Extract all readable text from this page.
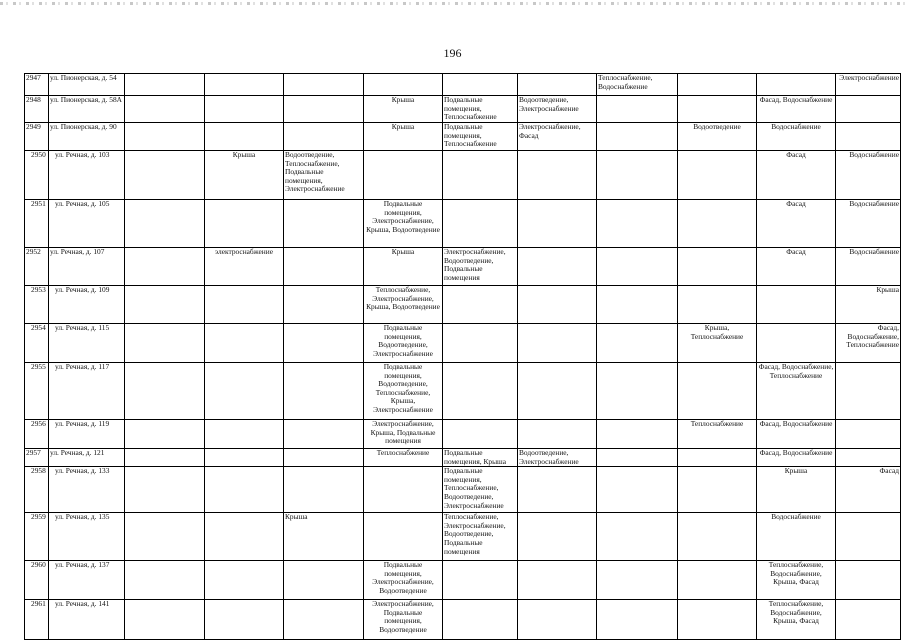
196
2947	ул. Пионерская, д. 54							Теплоснабжение, Водоснабжение			Электроснабжение
2948	ул. Пионерская, д. 58А				Крыша	Подвальные помещения, Теплоснабжение	Водоотведение, Электроснабжение			Фасад, Водоснабжение	
2949	ул. Пионерская, д. 90				Крыша	Подвальные помещения, Теплоснабжение	Электроснабжение, Фасад		Водоотведение	Водоснабжение	
2950	ул. Речная, д. 103		Крыша	Водоотведение, Теплоснабжение, Подвальные помещения, Электроснабжение						Фасад	Водоснабжение
2951	ул. Речная, д. 105				Подвальные помещения, Электроснабжение, Крыша, Водоотведение					Фасад	Водоснабжение
2952	ул. Речная, д. 107		электроснабжение		Крыша	Электроснабжение, Водоотведение, Подвальные помещения				Фасад	Водоснабжение
2953	ул. Речная, д. 109				Теплоснабжение, Электроснабжение, Крыша, Водоотведение						Крыша
2954	ул. Речная, д. 115				Подвальные помещения, Водоотведение, Электроснабжение				Крыша, Теплоснабжение		Фасад, Водоснабжение, Теплоснабжение
2955	ул. Речная, д. 117				Подвальные помещения, Водоотведение, Теплоснабжение, Крыша, Электроснабжение					Фасад, Водоснабжение, Теплоснабжение	
2956	ул. Речная, д. 119				Электроснабжение, Крыша, Подвальные помещения				Теплоснабжение	Фасад, Водоснабжение	
2957	ул. Речная, д. 121				Теплоснабжение	Подвальные помещения, Крыша	Водоотведение, Электроснабжение			Фасад, Водоснабжение	
2958	ул. Речная, д. 133					Подвальные помещения, Теплоснабжение, Водоотведение, Электроснабжение				Крыша	Фасад
2959	ул. Речная, д. 135			Крыша		Теплоснабжение, Электроснабжение, Водоотведение, Подвальные помещения				Водоснабжение	
2960	ул. Речная, д. 137				Подвальные помещения, Электроснабжение, Водоотведение					Теплоснабжение, Водоснабжение, Крыша, Фасад	
2961	ул. Речная, д. 141				Электроснабжение, Подвальные помещения, Водоотведение					Теплоснабжение, Водоснабжение, Крыша, Фасад	
